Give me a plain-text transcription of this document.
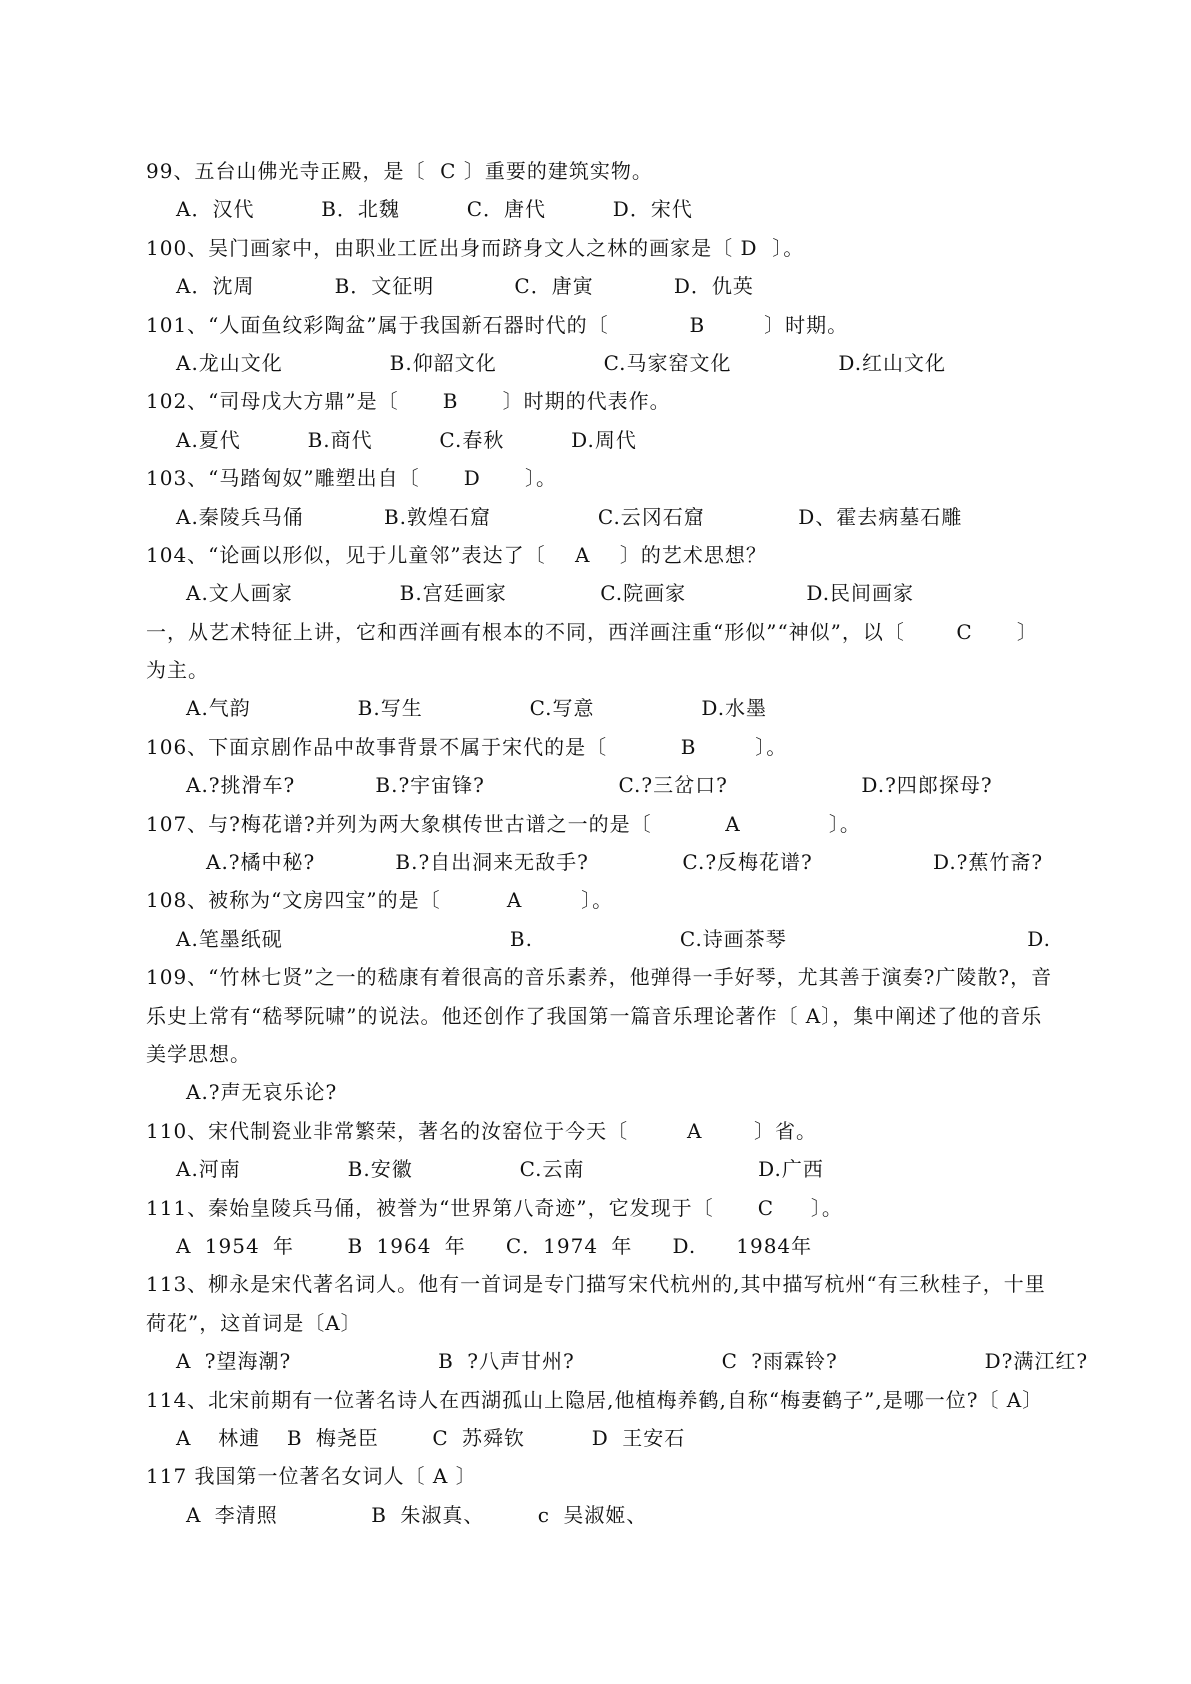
99、五台山佛光寺正殿，是〔  C 〕重要的建筑实物。
A．汉代     B．北魏     C．唐代     D．宋代
100、吴门画家中，由职业工匠出身而跻身文人之林的画家是〔 D  〕。
A．沈周      B．文征明      C．唐寅      D．仇英
101、“人面鱼纹彩陶盆”属于我国新石器时代的〔           B        〕时期。
A.龙山文化        B.仰韶文化        C.马家窑文化        D.红山文化
102、“司母戊大方鼎”是〔      B      〕时期的代表作。
A.夏代     B.商代     C.春秋     D.周代
103、“马踏匈奴”雕塑出自〔      D      〕。
A.秦陵兵马俑      B.敦煌石窟        C.云冈石窟       D、霍去病墓石雕
104、“论画以形似，见于儿童邻”表达了〔    A    〕的艺术思想？
A.文人画家        B.宫廷画家       C.院画家         D.民间画家
一，从艺术特征上讲，它和西洋画有根本的不同，西洋画注重“形似”“神似”，以〔       C      〕
为主。
A.气韵        B.写生        C.写意        D.水墨
106、下面京剧作品中故事背景不属于宋代的是〔          B        〕。
A.?挑滑车?      B.?宇宙锋?          C.?三岔口?          D.?四郎探母?
107、与?梅花谱?并列为两大象棋传世古谱之一的是〔          A            〕。
A.?橘中秘?      B.?自出洞来无敌手?       C.?反梅花谱?         D.?蕉竹斋?
108、被称为“文房四宝”的是〔         A        〕。
A.笔墨纸砚                 B.           C.诗画茶琴                  D.
109、“竹林七贤”之一的嵇康有着很高的音乐素养，他弹得一手好琴，尤其善于演奏?广陵散?，音
乐史上常有“嵇琴阮啸”的说法。他还创作了我国第一篇音乐理论著作〔 A〕，集中阐述了他的音乐
美学思想。
A.?声无哀乐论?
110、宋代制瓷业非常繁荣，著名的汝窑位于今天〔        A       〕省。
A.河南        B.安徽        C.云南             D.广西
111、秦始皇陵兵马俑，被誉为“世界第八奇迹”，它发现于〔      C     〕。
A 1954 年    B 1964 年   C．1974 年   D.   1984年
113、柳永是宋代著名词人。他有一首词是专门描写宋代杭州的,其中描写杭州“有三秋桂子，十里
荷花”，这首词是〔A〕
A ?望海潮?           B ?八声甘州?           C ?雨霖铃?           D?满江红?
114、北宋前期有一位著名诗人在西湖孤山上隐居,他植梅养鹤,自称“梅妻鹤子”,是哪一位?〔 A〕
A  林逋  B 梅尧臣    C 苏舜钦     D 王安石
117 我国第一位著名女词人〔 A 〕
A 李清照       B 朱淑真、    c 吴淑姬、
